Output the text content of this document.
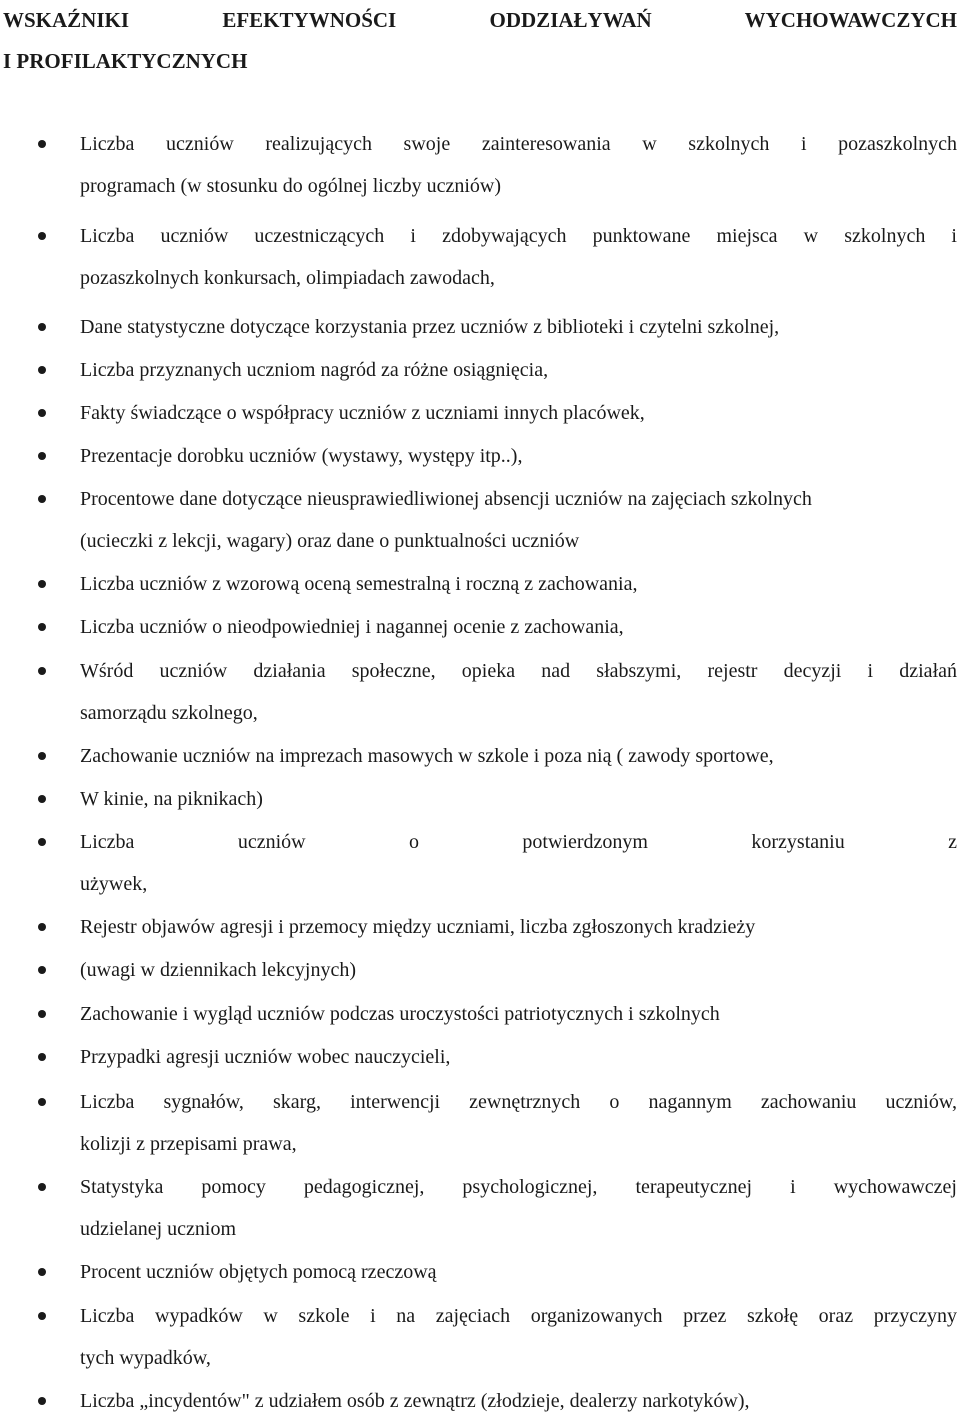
WSKAŹNIKI EFEKTYWNOŚCI ODDZIAŁYWAŃ WYCHOWAWCZYCH
I PROFILAKTYCZNYCH
Liczba uczniów realizujących swoje zainteresowania w szkolnych i pozaszkolnych
programach (w stosunku do ogólnej liczby uczniów)
Liczba uczniów uczestniczących i zdobywających punktowane miejsca w szkolnych i
pozaszkolnych konkursach, olimpiadach zawodach,
Dane statystyczne dotyczące korzystania przez uczniów z biblioteki i czytelni szkolnej,
Liczba przyznanych uczniom nagród za różne osiągnięcia,
Fakty świadczące o współpracy uczniów z uczniami innych placówek,
Prezentacje dorobku uczniów (wystawy, występy itp..),
Procentowe dane dotyczące nieusprawiedliwionej absencji uczniów na zajęciach szkolnych
(ucieczki z lekcji, wagary) oraz dane o punktualności uczniów
Liczba uczniów z wzorową oceną semestralną i roczną z zachowania,
Liczba uczniów o nieodpowiedniej i nagannej ocenie z zachowania,
Wśród uczniów działania społeczne, opieka nad słabszymi, rejestr decyzji i działań
samorządu szkolnego,
Zachowanie uczniów na imprezach masowych w szkole i poza nią ( zawody sportowe,
W kinie, na piknikach)
Liczba uczniów o potwierdzonym korzystaniu z
używek,
Rejestr objawów agresji i przemocy między uczniami, liczba zgłoszonych kradzieży
(uwagi w dziennikach lekcyjnych)
Zachowanie i wygląd uczniów podczas uroczystości patriotycznych i szkolnych
Przypadki agresji uczniów wobec nauczycieli,
Liczba sygnałów, skarg, interwencji zewnętrznych o nagannym zachowaniu uczniów,
kolizji z przepisami prawa,
Statystyka pomocy pedagogicznej, psychologicznej, terapeutycznej i wychowawczej
udzielanej uczniom
Procent uczniów objętych pomocą rzeczową
Liczba wypadków w szkole i na zajęciach organizowanych przez szkołę oraz przyczyny
tych wypadków,
Liczba „incydentów" z udziałem osób z zewnątrz (złodzieje, dealerzy narkotyków),
